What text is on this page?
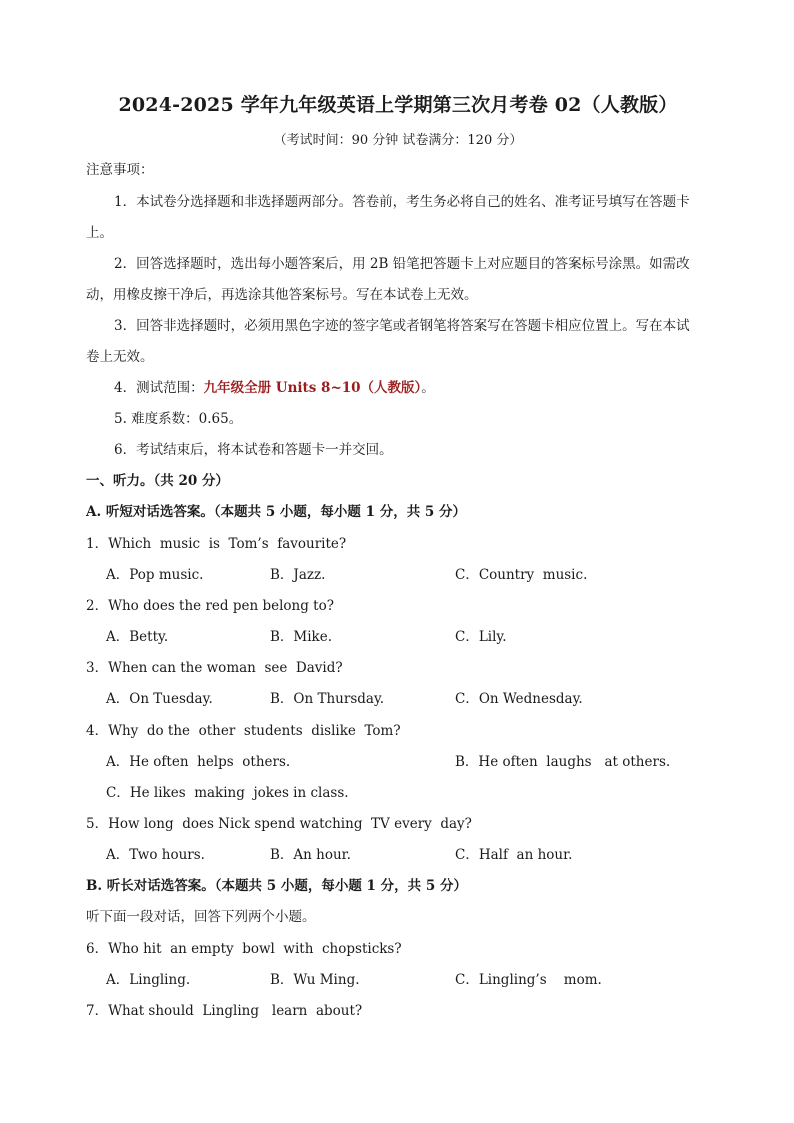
2024-2025 学年九年级英语上学期第三次月考卷 02（人教版）
（考试时间：90 分钟 试卷满分：120 分）
注意事项：
1．本试卷分选择题和非选择题两部分。答卷前，考生务必将自己的姓名、准考证号填写在答题卡
上。
2．回答选择题时，选出每小题答案后，用 2B 铅笔把答题卡上对应题目的答案标号涂黑。如需改
动，用橡皮擦干净后，再选涂其他答案标号。写在本试卷上无效。
3．回答非选择题时，必须用黑色字迹的签字笔或者钢笔将答案写在答题卡相应位置上。写在本试
卷上无效。
4．测试范围：九年级全册 Units 8~10（人教版）。
5. 难度系数：0.65。
6．考试结束后，将本试卷和答题卡一并交回。
一、听力。（共 20 分）
A. 听短对话选答案。（本题共 5 小题，每小题 1 分，共 5 分）
1．Which  music  is  Tom’s  favourite?
A．Pop music.	B．Jazz.	C．Country  music.
2．Who does the red pen belong to?
A．Betty.	B．Mike.	C．Lily.
3．When can the woman  see  David?
A．On Tuesday.	B．On Thursday.	C．On Wednesday.
4．Why  do the  other  students  dislike  Tom?
A．He often  helps  others.	B．He often  laughs   at others.
C．He likes  making  jokes in class.
5．How long  does Nick spend watching  TV every  day?
A．Two hours.	B．An hour.	C．Half  an hour.
B. 听长对话选答案。（本题共 5 小题，每小题 1 分，共 5 分）
听下面一段对话，回答下列两个小题。
6．Who hit  an empty  bowl  with  chopsticks?
A．Lingling.	B．Wu Ming.	C．Lingling’s    mom.
7．What should  Lingling   learn  about?
